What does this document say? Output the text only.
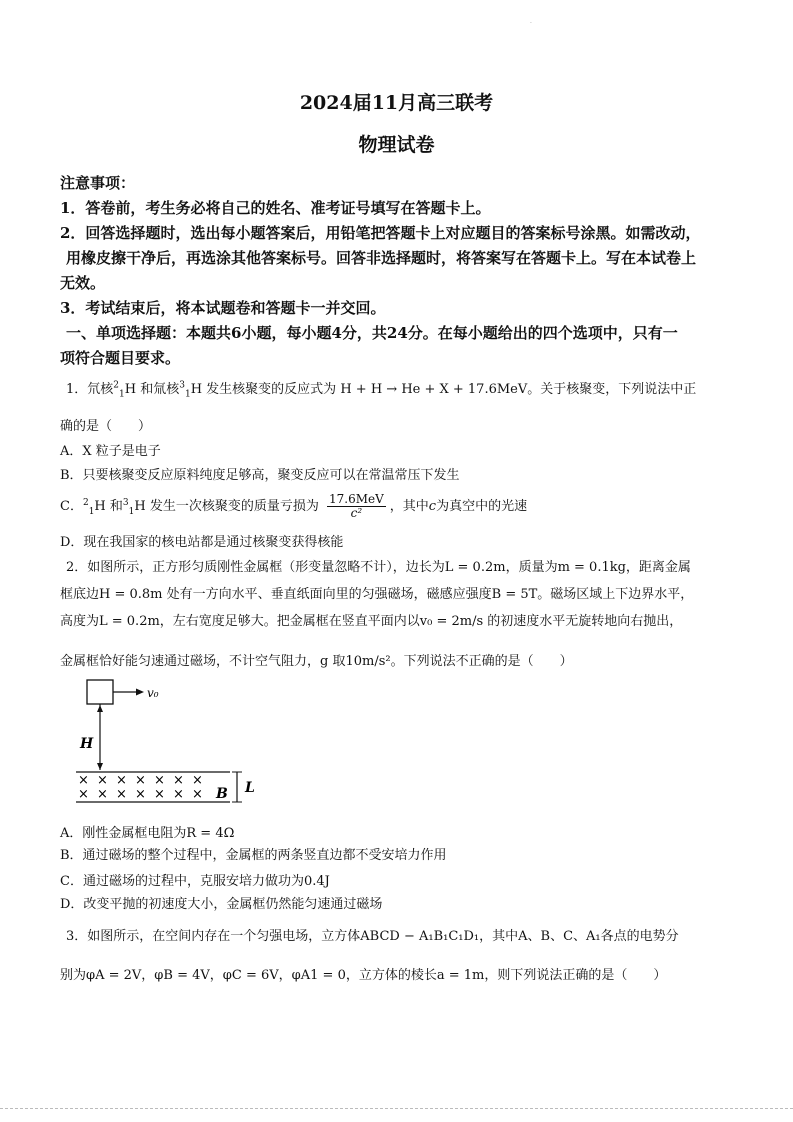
·
2024届11月高三联考
物理试卷
注意事项：
1．答卷前，考生务必将自己的姓名、准考证号填写在答题卡上。
2．回答选择题时，选出每小题答案后，用铅笔把答题卡上对应题目的答案标号涂黑。如需改动，
用橡皮擦干净后，再选涂其他答案标号。回答非选择题时，将答案写在答题卡上。写在本试卷上
无效。
3．考试结束后，将本试题卷和答题卡一并交回。
一、单项选择题：本题共6小题，每小题4分，共24分。在每小题给出的四个选项中，只有一
项符合题目要求。
1．氘核$^2_1$H 和氚核$^3_1$H 发生核聚变的反应式为 H + H → He + X + 17.6MeV。关于核聚变，下列说法中正
确的是（　　）
A．X 粒子是电子
B．只要核聚变反应原料纯度足够高，聚变反应可以在常温常压下发生
C．$^2_1$H 和$^3_1$H 发生一次核聚变的质量亏损为 $\frac{\text{17.6MeV}}{\text{c²}}$ ，其中c为真空中的光速
D．现在我国家的核电站都是通过核聚变获得核能
2．如图所示，正方形匀质刚性金属框（形变量忽略不计），边长为L = 0.2m，质量为m = 0.1kg，距离金属
框底边H = 0.8m 处有一方向水平、垂直纸面向里的匀强磁场，磁感应强度B = 5T。磁场区域上下边界水平，
高度为L = 0.2m，左右宽度足够大。把金属框在竖直平面内以v₀ = 2m/s 的初速度水平无旋转地向右抛出，
金属框恰好能匀速通过磁场，不计空气阻力，g 取10m/s²。下列说法不正确的是（　　）
v₀
H
× × × × × × ×
× × × × × × × B L
A．刚性金属框电阻为R = 4Ω
B．通过磁场的整个过程中，金属框的两条竖直边都不受安培力作用
C．通过磁场的过程中，克服安培力做功为0.4J
D．改变平抛的初速度大小，金属框仍然能匀速通过磁场
3．如图所示，在空间内存在一个匀强电场，立方体ABCD − A₁B₁C₁D₁，其中A、B、C、A₁各点的电势分
别为φA = 2V，φB = 4V，φC = 6V，φA1 = 0，立方体的棱长a = 1m，则下列说法正确的是（　　）
